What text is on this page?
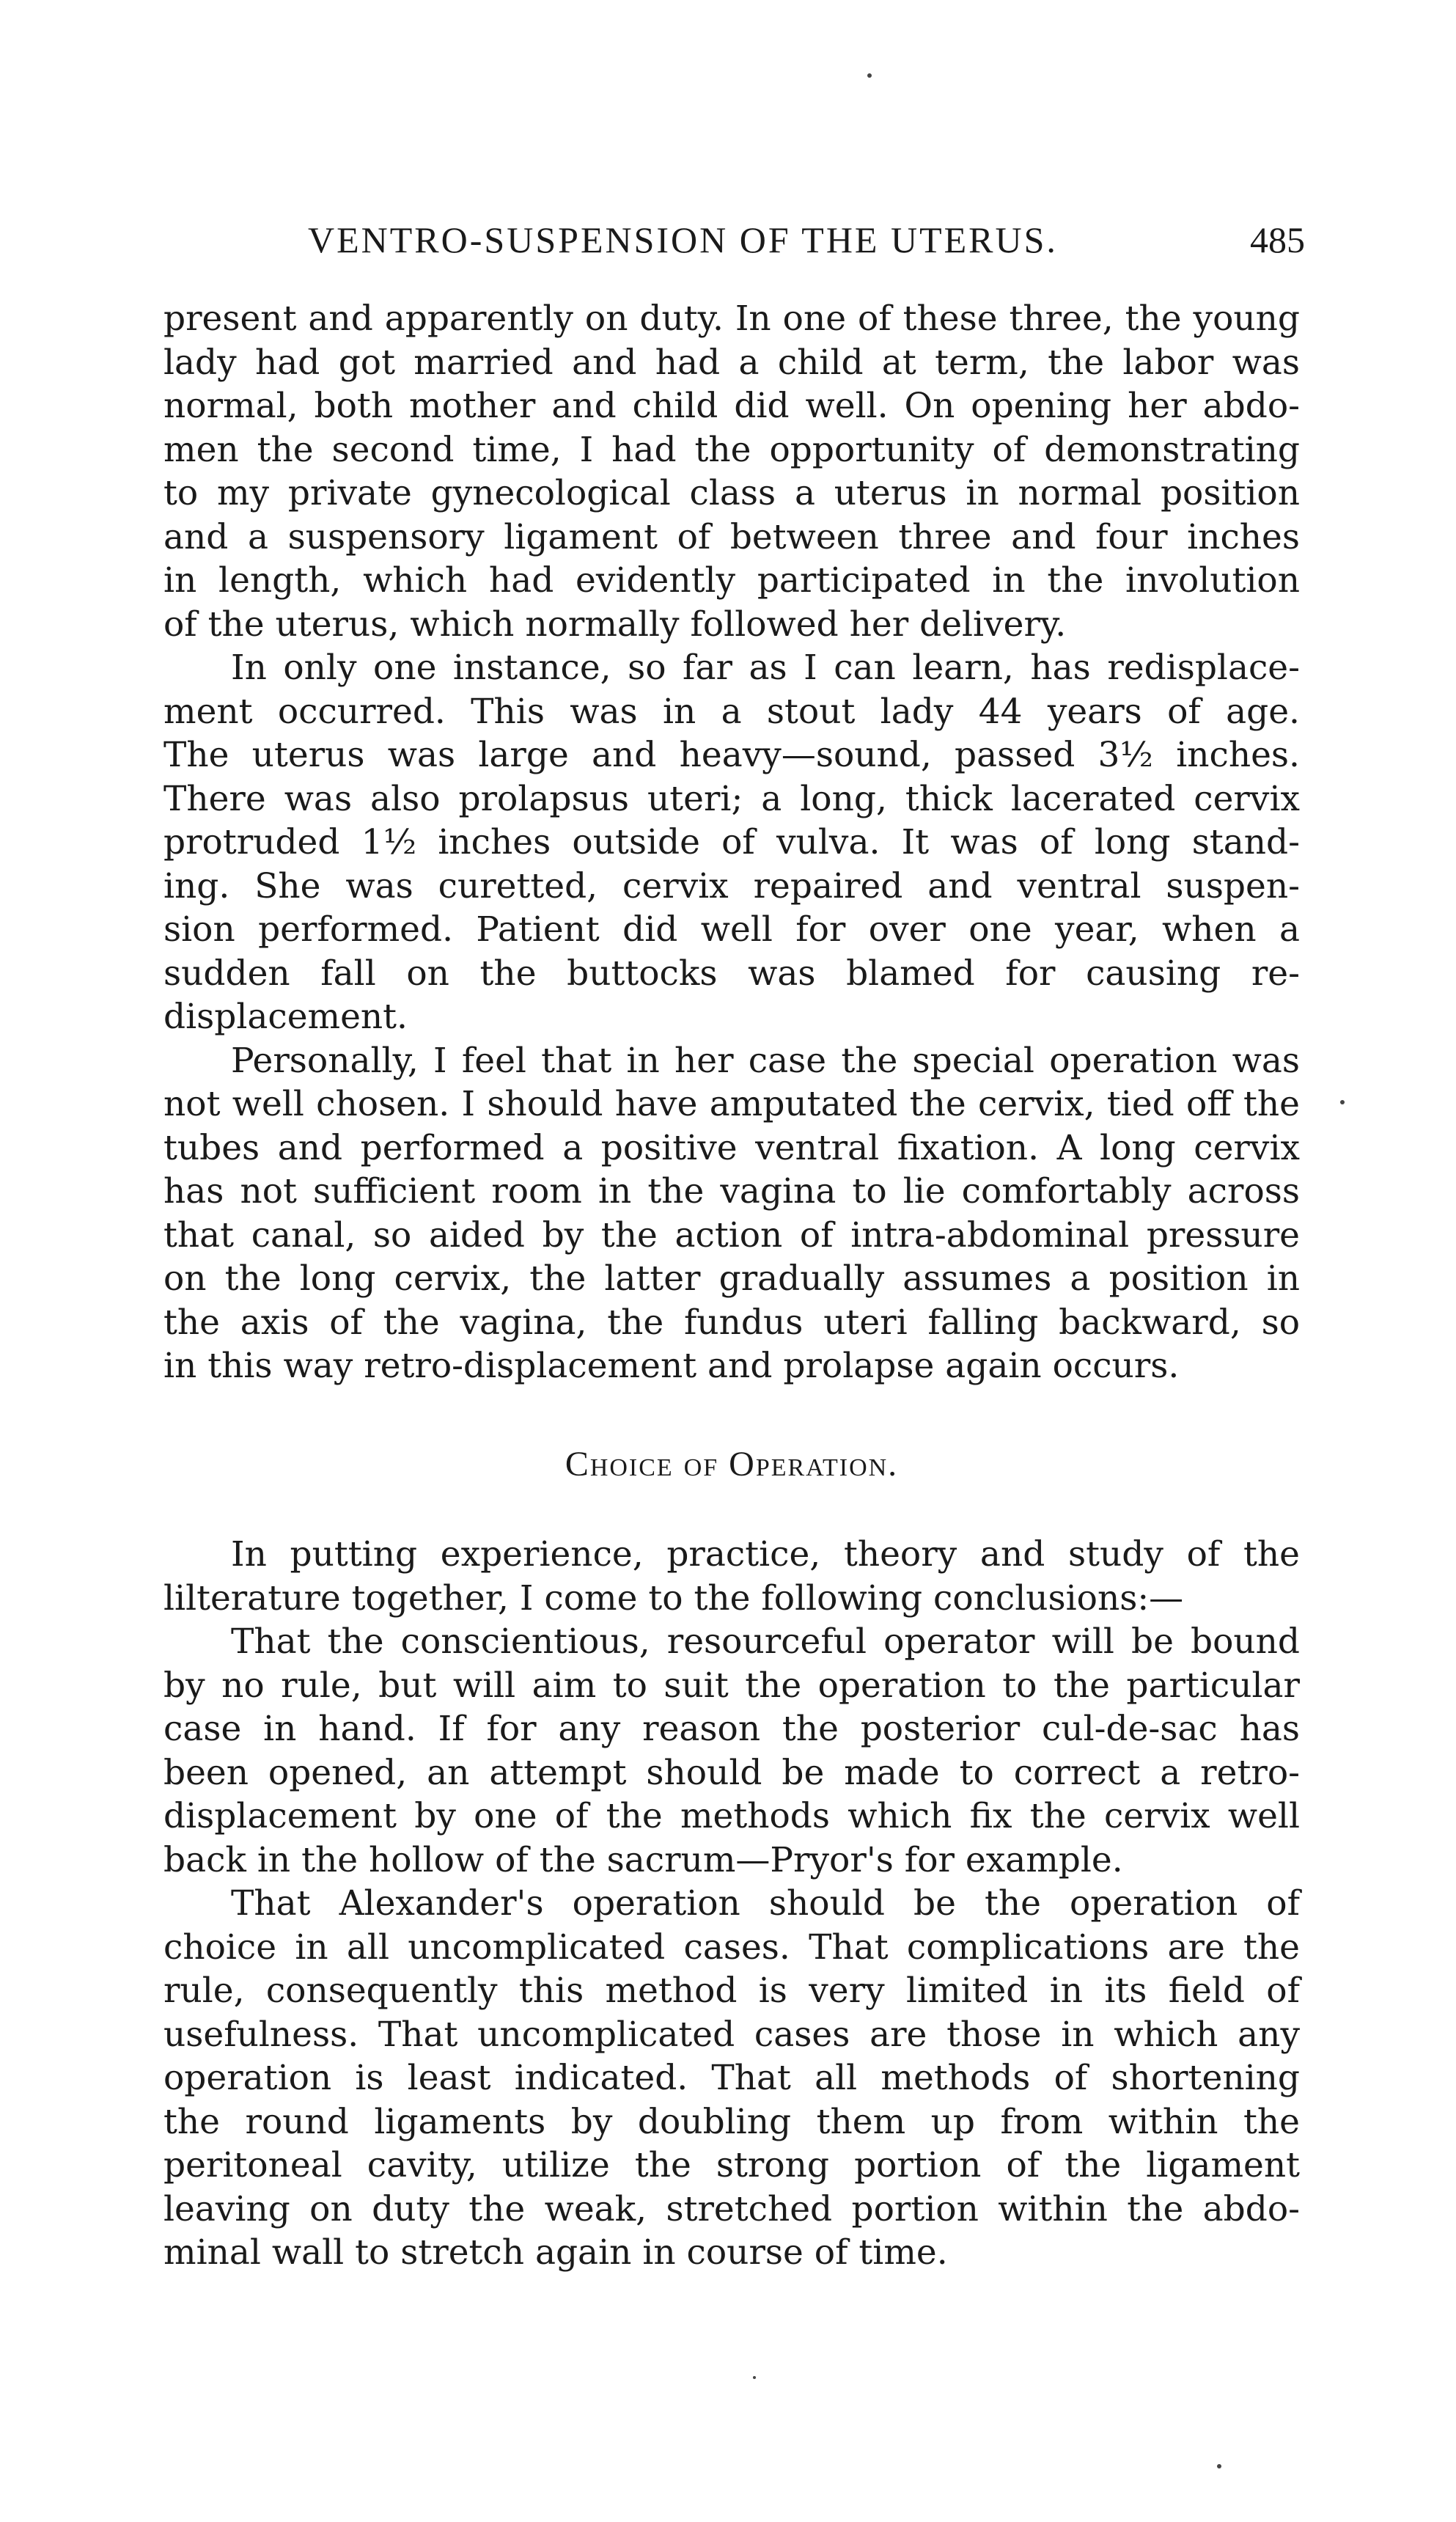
VENTRO-SUSPENSION OF THE UTERUS.	485

present and apparently on duty. In one of these three, the young
lady had got married and had a child at term, the labor was
normal, both mother and child did well. On opening her abdo-
men the second time, I had the opportunity of demonstrating
to my private gynecological class a uterus in normal position
and a suspensory ligament of between three and four inches
in length, which had evidently participated in the involution
of the uterus, which normally followed her delivery.

In only one instance, so far as I can learn, has redisplace-
ment occurred. This was in a stout lady 44 years of age.
The uterus was large and heavy—sound, passed 3½ inches.
There was also prolapsus uteri; a long, thick lacerated cervix
protruded 1½ inches outside of vulva. It was of long stand-
ing. She was curetted, cervix repaired and ventral suspen-
sion performed. Patient did well for over one year, when a
sudden fall on the buttocks was blamed for causing re-
displacement.

Personally, I feel that in her case the special operation was
not well chosen. I should have amputated the cervix, tied off the
tubes and performed a positive ventral fixation. A long cervix
has not sufficient room in the vagina to lie comfortably across
that canal, so aided by the action of intra-abdominal pressure
on the long cervix, the latter gradually assumes a position in
the axis of the vagina, the fundus uteri falling backward, so
in this way retro-displacement and prolapse again occurs.

Choice of Operation.

In putting experience, practice, theory and study of the
lilterature together, I come to the following conclusions:—

That the conscientious, resourceful operator will be bound
by no rule, but will aim to suit the operation to the particular
case in hand. If for any reason the posterior cul-de-sac has
been opened, an attempt should be made to correct a retro-
displacement by one of the methods which fix the cervix well
back in the hollow of the sacrum—Pryor's for example.

That Alexander's operation should be the operation of
choice in all uncomplicated cases. That complications are the
rule, consequently this method is very limited in its field of
usefulness. That uncomplicated cases are those in which any
operation is least indicated. That all methods of shortening
the round ligaments by doubling them up from within the
peritoneal cavity, utilize the strong portion of the ligament
leaving on duty the weak, stretched portion within the abdo-
minal wall to stretch again in course of time.
